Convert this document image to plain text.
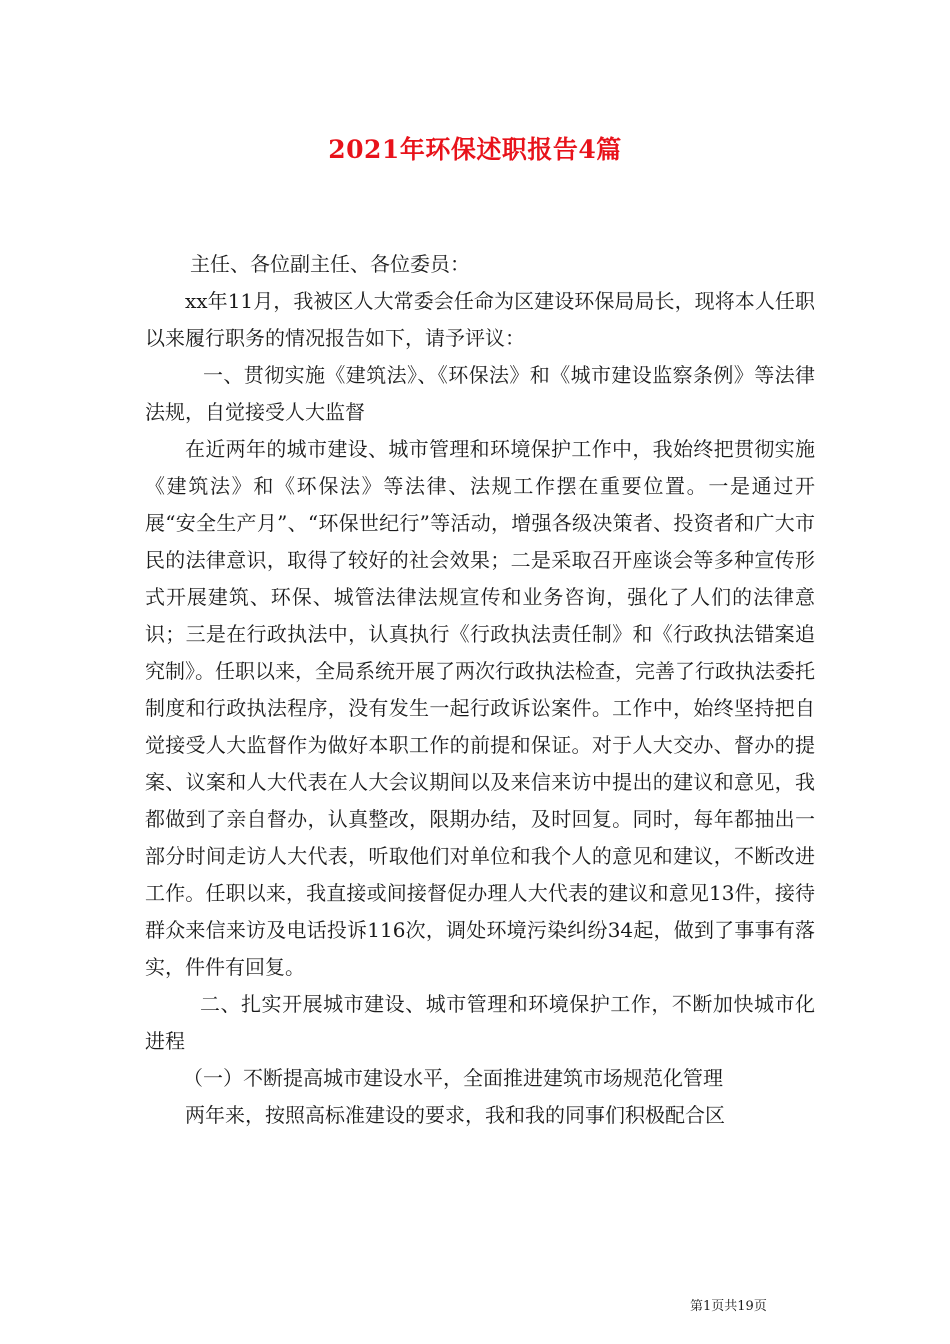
2021年环保述职报告4篇

主任、各位副主任、各位委员：

xx年11月，我被区人大常委会任命为区建设环保局局长，现将本人任职以来履行职务的情况报告如下，请予评议：

一、贯彻实施《建筑法》、《环保法》和《城市建设监察条例》等法律法规，自觉接受人大监督

在近两年的城市建设、城市管理和环境保护工作中，我始终把贯彻实施《建筑法》和《环保法》等法律、法规工作摆在重要位置。一是通过开展“安全生产月”、“环保世纪行”等活动，增强各级决策者、投资者和广大市民的法律意识，取得了较好的社会效果；二是采取召开座谈会等多种宣传形式开展建筑、环保、城管法律法规宣传和业务咨询，强化了人们的法律意识；三是在行政执法中，认真执行《行政执法责任制》和《行政执法错案追究制》。任职以来，全局系统开展了两次行政执法检查，完善了行政执法委托制度和行政执法程序，没有发生一起行政诉讼案件。工作中，始终坚持把自觉接受人大监督作为做好本职工作的前提和保证。对于人大交办、督办的提案、议案和人大代表在人大会议期间以及来信来访中提出的建议和意见，我都做到了亲自督办，认真整改，限期办结，及时回复。同时，每年都抽出一部分时间走访人大代表，听取他们对单位和我个人的意见和建议，不断改进工作。任职以来，我直接或间接督促办理人大代表的建议和意见13件，接待群众来信来访及电话投诉116次，调处环境污染纠纷34起，做到了事事有落实，件件有回复。

二、扎实开展城市建设、城市管理和环境保护工作，不断加快城市化进程

（一）不断提高城市建设水平，全面推进建筑市场规范化管理

两年来，按照高标准建设的要求，我和我的同事们积极配合区

第1页共19页
